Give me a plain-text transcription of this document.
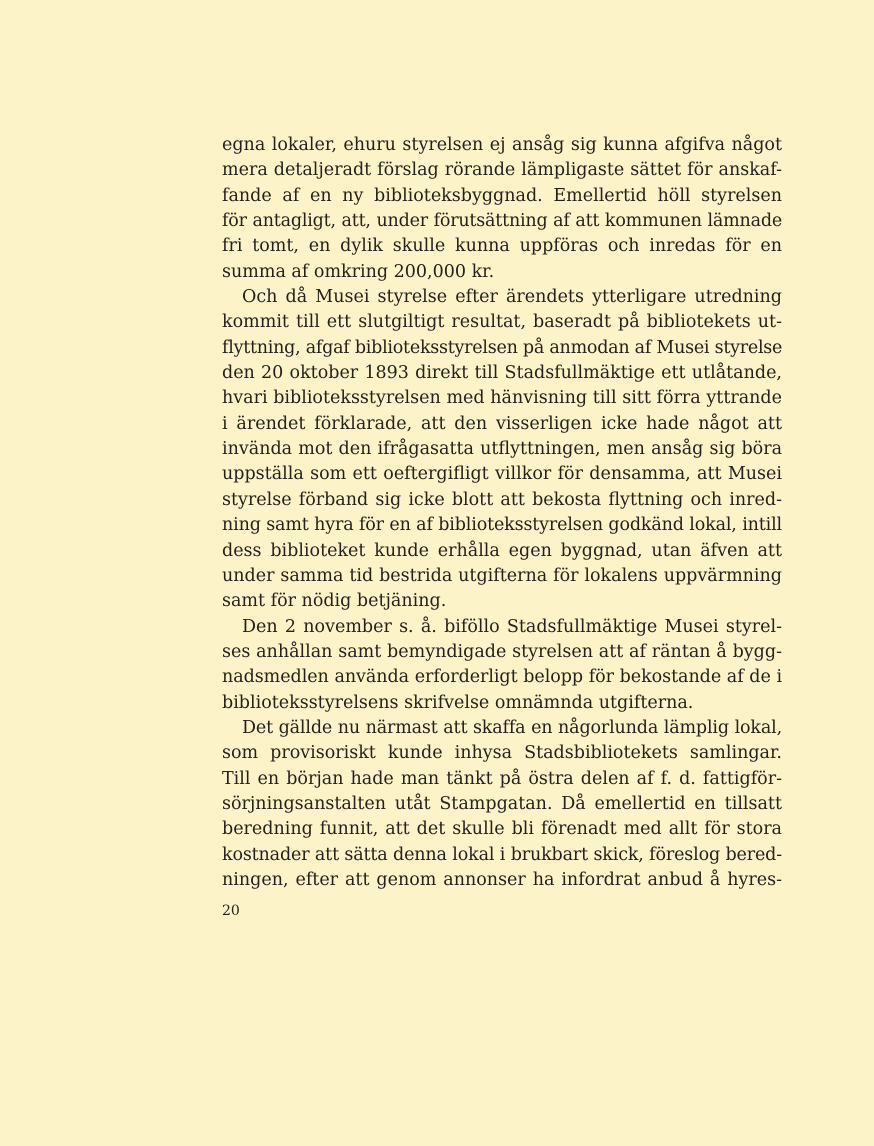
egna lokaler, ehuru styrelsen ej ansåg sig kunna afgifva något
mera detaljeradt förslag rörande lämpligaste sättet för anskaf-
fande af en ny biblioteksbyggnad. Emellertid höll styrelsen
för antagligt, att, under förutsättning af att kommunen lämnade
fri tomt, en dylik skulle kunna uppföras och inredas för en
summa af omkring 200,000 kr.
Och då Musei styrelse efter ärendets ytterligare utredning
kommit till ett slutgiltigt resultat, baseradt på bibliotekets ut-
flyttning, afgaf biblioteksstyrelsen på anmodan af Musei styrelse
den 20 oktober 1893 direkt till Stadsfullmäktige ett utlåtande,
hvari biblioteksstyrelsen med hänvisning till sitt förra yttrande
i ärendet förklarade, att den visserligen icke hade något att
invända mot den ifrågasatta utflyttningen, men ansåg sig böra
uppställa som ett oeftergifligt villkor för densamma, att Musei
styrelse förband sig icke blott att bekosta flyttning och inred-
ning samt hyra för en af biblioteksstyrelsen godkänd lokal, intill
dess biblioteket kunde erhålla egen byggnad, utan äfven att
under samma tid bestrida utgifterna för lokalens uppvärmning
samt för nödig betjäning.
Den 2 november s. å. biföllo Stadsfullmäktige Musei styrel-
ses anhållan samt bemyndigade styrelsen att af räntan å bygg-
nadsmedlen använda erforderligt belopp för bekostande af de i
biblioteksstyrelsens skrifvelse omnämnda utgifterna.
Det gällde nu närmast att skaffa en någorlunda lämplig lokal,
som provisoriskt kunde inhysa Stadsbibliotekets samlingar.
Till en början hade man tänkt på östra delen af f. d. fattigför-
sörjningsanstalten utåt Stampgatan. Då emellertid en tillsatt
beredning funnit, att det skulle bli förenadt med allt för stora
kostnader att sätta denna lokal i brukbart skick, föreslog bered-
ningen, efter att genom annonser ha infordrat anbud å hyres-
20
